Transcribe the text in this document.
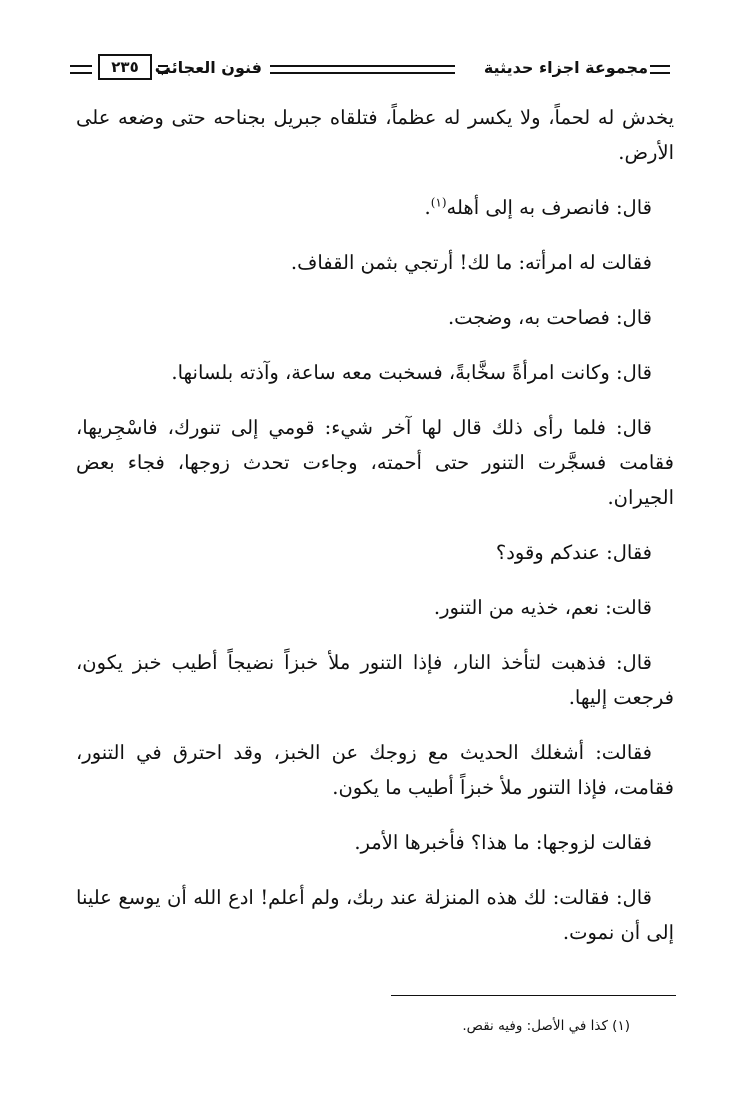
مجموعة اجزاء حديثية
فنون العجائب
٢٣٥

يخدش له لحماً، ولا يكسر له عظماً، فتلقاه جبريل بجناحه حتى وضعه على الأرض.

قال: فانصرف به إلى أهله$^{(١)}$.

فقالت له امرأته: ما لك! أرتجي بثمن القفاف.

قال: فصاحت به، وضجت.

قال: وكانت امرأةً سخَّابةً، فسخبت معه ساعة، وآذته بلسانها.

قال: فلما رأى ذلك قال لها آخر شيء: قومي إلى تنورك، فاسْجِريها، فقامت فسجَّرت التنور حتى أحمته، وجاءت تحدث زوجها، فجاء بعض الجيران.

فقال: عندكم وقود؟

قالت: نعم، خذيه من التنور.

قال: فذهبت لتأخذ النار، فإذا التنور ملأ خبزاً نضيجاً أطيب خبز يكون، فرجعت إليها.

فقالت: أشغلك الحديث مع زوجك عن الخبز، وقد احترق في التنور، فقامت، فإذا التنور ملأ خبزاً أطيب ما يكون.

فقالت لزوجها: ما هذا؟ فأخبرها الأمر.

قال: فقالت: لك هذه المنزلة عند ربك، ولم أعلم! ادع الله أن يوسع علينا إلى أن نموت.

(١) كذا في الأصل: وفيه نقص.
